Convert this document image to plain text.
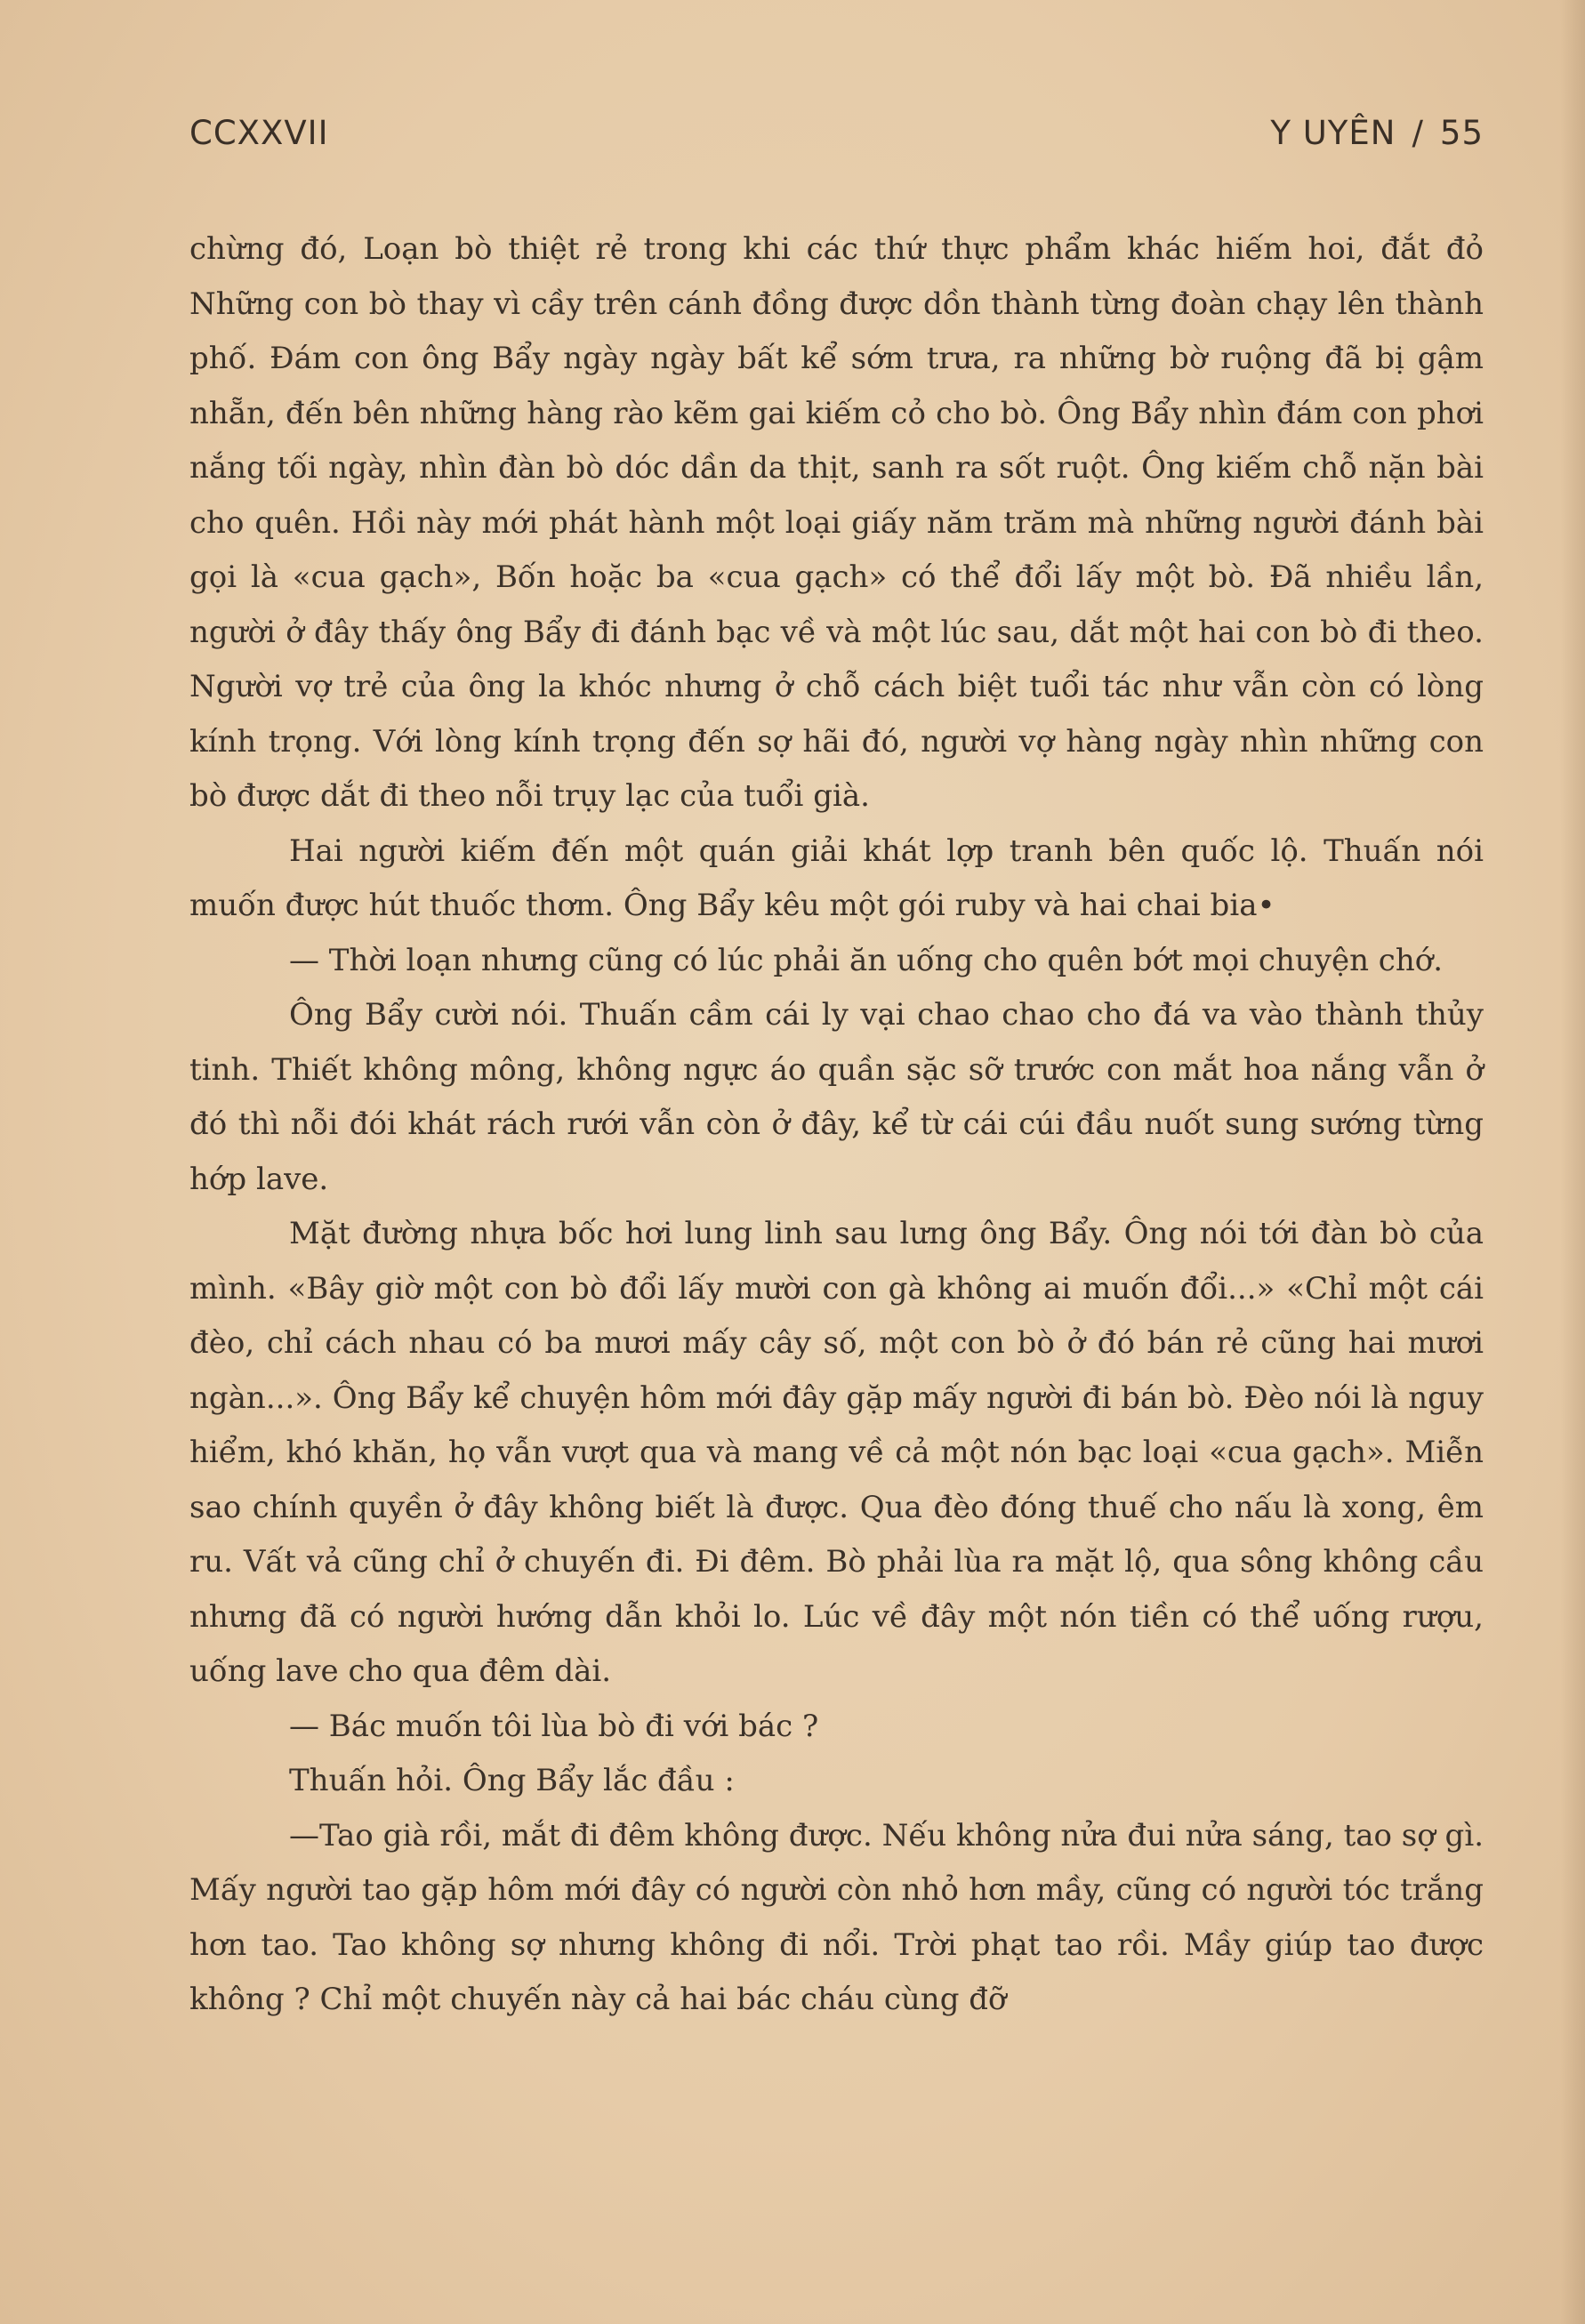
CCXXVII	Y UYÊN / 55

chừng đó, Loạn bò thiệt rẻ trong khi các thứ thực phẩm khác hiếm hoi, đắt đỏ Những con bò thay vì cầy trên cánh đồng được dồn thành từng đoàn chạy lên thành phố. Đám con ông Bẩy ngày ngày bất kể sớm trưa, ra những bờ ruộng đã bị gậm nhẵn, đến bên những hàng rào kẽm gai kiếm cỏ cho bò. Ông Bẩy nhìn đám con phơi nắng tối ngày, nhìn đàn bò dóc dần da thịt, sanh ra sốt ruột. Ông kiếm chỗ nặn bài cho quên. Hồi này mới phát hành một loại giấy năm trăm mà những người đánh bài gọi là «cua gạch», Bốn hoặc ba «cua gạch» có thể đổi lấy một bò. Đã nhiều lần, người ở đây thấy ông Bẩy đi đánh bạc về và một lúc sau, dắt một hai con bò đi theo. Người vợ trẻ của ông la khóc nhưng ở chỗ cách biệt tuổi tác như vẫn còn có lòng kính trọng. Với lòng kính trọng đến sợ hãi đó, người vợ hàng ngày nhìn những con bò được dắt đi theo nỗi trụy lạc của tuổi già.

Hai người kiếm đến một quán giải khát lợp tranh bên quốc lộ. Thuấn nói muốn được hút thuốc thơm. Ông Bẩy kêu một gói ruby và hai chai bia•

— Thời loạn nhưng cũng có lúc phải ăn uống cho quên bớt mọi chuyện chớ.

Ông Bẩy cười nói. Thuấn cầm cái ly vại chao chao cho đá va vào thành thủy tinh. Thiết không mông, không ngực áo quần sặc sỡ trước con mắt hoa nắng vẫn ở đó thì nỗi đói khát rách rưới vẫn còn ở đây, kể từ cái cúi đầu nuốt sung sướng từng hớp lave.

Mặt đường nhựa bốc hơi lung linh sau lưng ông Bẩy. Ông nói tới đàn bò của mình. «Bây giờ một con bò đổi lấy mười con gà không ai muốn đổi...» «Chỉ một cái đèo, chỉ cách nhau có ba mươi mấy cây số, một con bò ở đó bán rẻ cũng hai mươi ngàn...». Ông Bẩy kể chuyện hôm mới đây gặp mấy người đi bán bò. Đèo nói là nguy hiểm, khó khăn, họ vẫn vượt qua và mang về cả một nón bạc loại «cua gạch». Miễn sao chính quyền ở đây không biết là được. Qua đèo đóng thuế cho nấu là xong, êm ru. Vất vả cũng chỉ ở chuyến đi. Đi đêm. Bò phải lùa ra mặt lộ, qua sông không cầu nhưng đã có người hướng dẫn khỏi lo. Lúc về đây một nón tiền có thể uống rượu, uống lave cho qua đêm dài.

— Bác muốn tôi lùa bò đi với bác ?

Thuấn hỏi. Ông Bẩy lắc đầu :

—Tao già rồi, mắt đi đêm không được. Nếu không nửa đui nửa sáng, tao sợ gì. Mấy người tao gặp hôm mới đây có người còn nhỏ hơn mầy, cũng có người tóc trắng hơn tao. Tao không sợ nhưng không đi nổi. Trời phạt tao rồi. Mầy giúp tao được không ? Chỉ một chuyến này cả hai bác cháu cùng đỡ
